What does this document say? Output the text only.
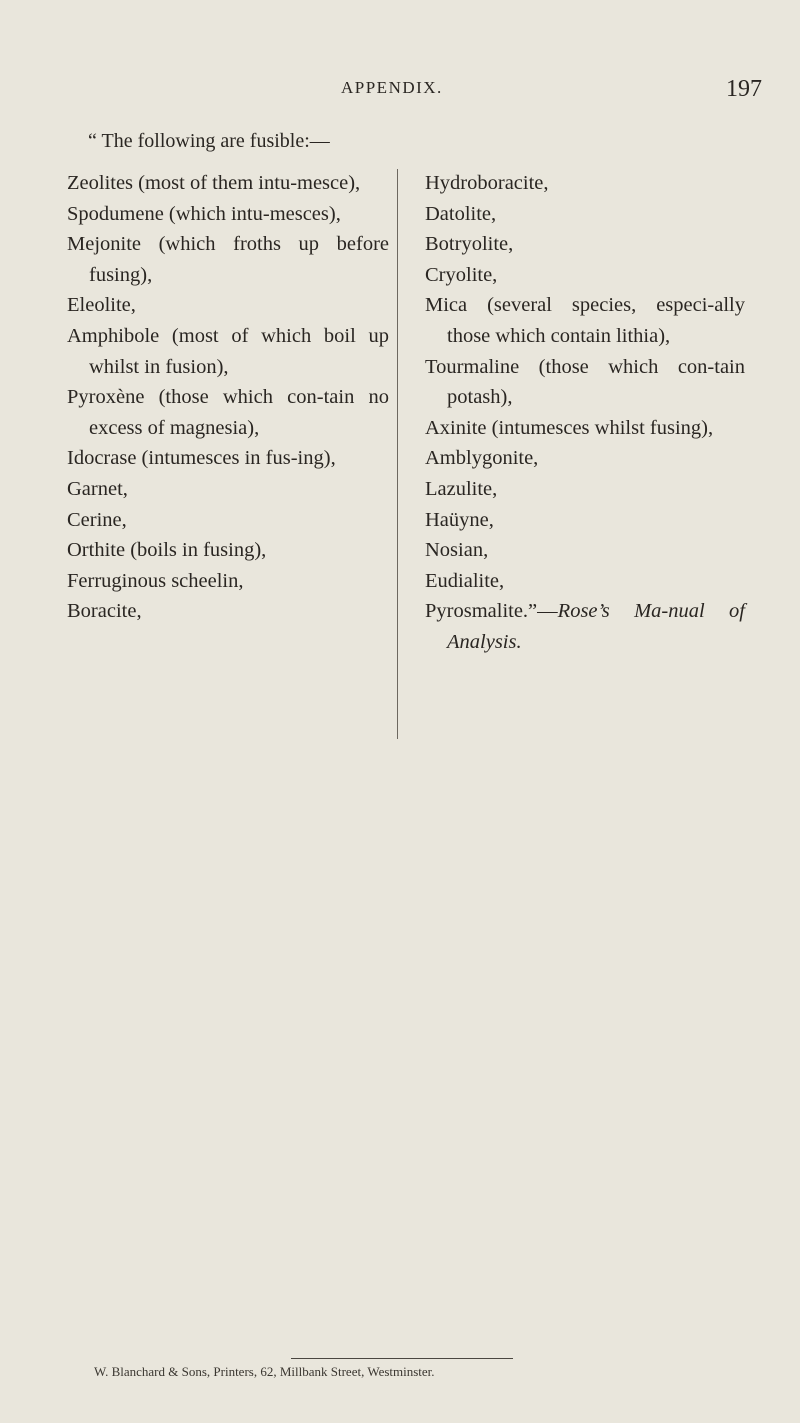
APPENDIX.	197
“ The following are fusible:—
Zeolites (most of them intu-mesce),
Spodumene (which intu-mesces),
Mejonite (which froths up before fusing),
Eleolite,
Amphibole (most of which boil up whilst in fusion),
Pyroxène (those which con-tain no excess of magnesia),
Idocrase (intumesces in fus-ing),
Garnet,
Cerine,
Orthite (boils in fusing),
Ferruginous scheelin,
Boracite,
Hydroboracite,
Datolite,
Botryolite,
Cryolite,
Mica (several species, especi-ally those which contain lithia),
Tourmaline (those which con-tain potash),
Axinite (intumesces whilst fusing),
Amblygonite,
Lazulite,
Haüyne,
Nosian,
Eudialite,
Pyrosmalite.”—Rose’s Ma-nual of Analysis.
W. Blanchard & Sons, Printers, 62, Millbank Street, Westminster.
